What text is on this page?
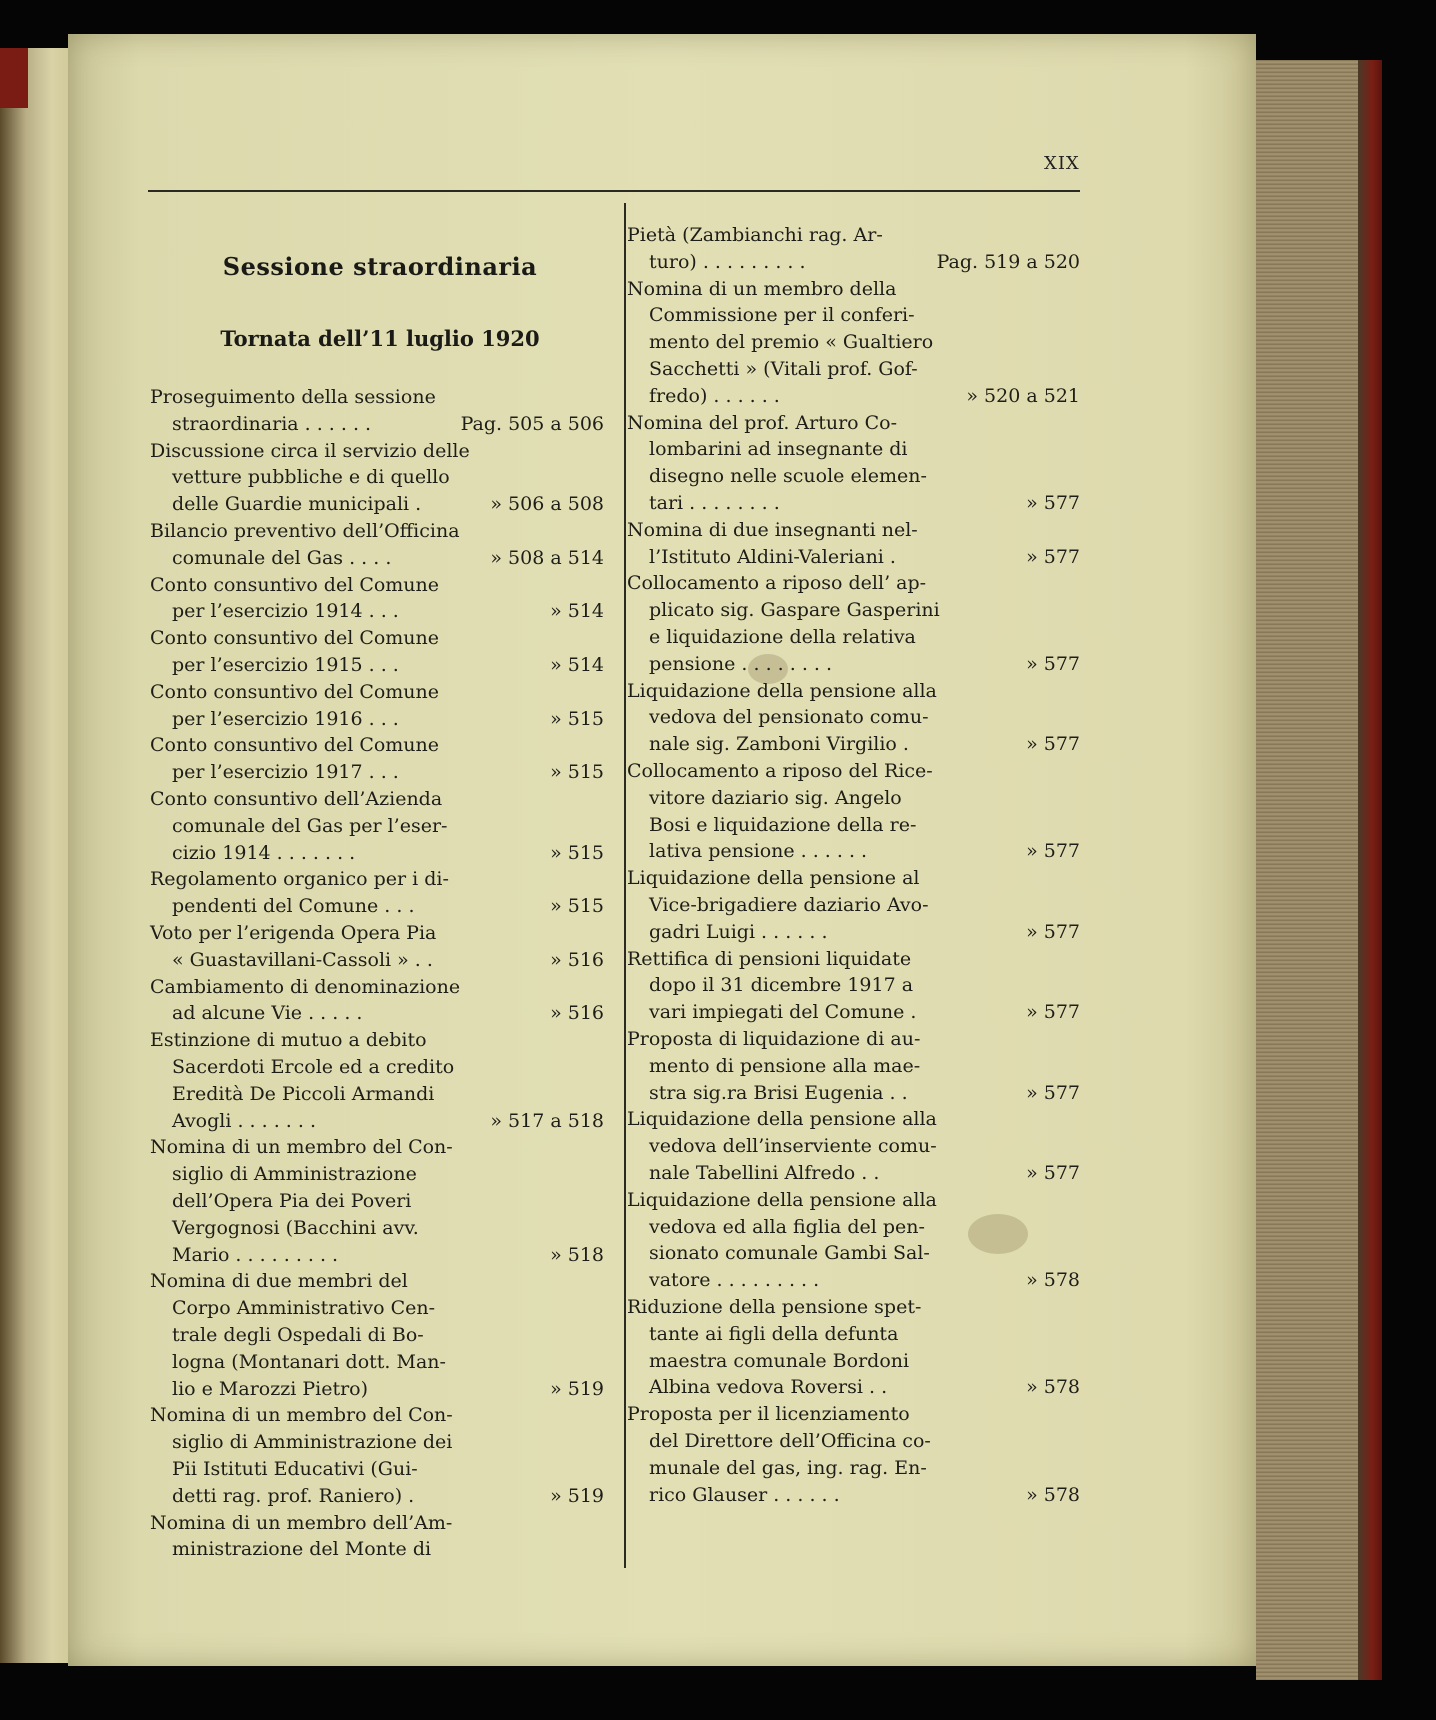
XIX
Sessione straordinaria
Tornata dell’11 luglio 1920
Proseguimento della sessione
straordinaria . . . . . .	Pag. 505 a 506
Discussione circa il servizio delle
vetture pubbliche e di quello
delle Guardie municipali .	» 506 a 508
Bilancio preventivo dell’Officina
comunale del Gas . . . .	» 508 a 514
Conto consuntivo del Comune
per l’esercizio 1914 . . .	» 514
Conto consuntivo del Comune
per l’esercizio 1915 . . .	» 514
Conto consuntivo del Comune
per l’esercizio 1916 . . .	» 515
Conto consuntivo del Comune
per l’esercizio 1917 . . .	» 515
Conto consuntivo dell’Azienda
comunale del Gas per l’eser-
cizio 1914 . . . . . . .	» 515
Regolamento organico per i di-
pendenti del Comune . . .	» 515
Voto per l’erigenda Opera Pia
« Guastavillani-Cassoli » . .	» 516
Cambiamento di denominazione
ad alcune Vie . . . . .	» 516
Estinzione di mutuo a debito
Sacerdoti Ercole ed a credito
Eredità De Piccoli Armandi
Avogli . . . . . . .	» 517 a 518
Nomina di un membro del Con-
siglio di Amministrazione
dell’Opera Pia dei Poveri
Vergognosi (Bacchini avv.
Mario . . . . . . . . .	» 518
Nomina di due membri del
Corpo Amministrativo Cen-
trale degli Ospedali di Bo-
logna (Montanari dott. Man-
lio e Marozzi Pietro)	» 519
Nomina di un membro del Con-
siglio di Amministrazione dei
Pii Istituti Educativi (Gui-
detti rag. prof. Raniero) .	» 519
Nomina di un membro dell’Am-
ministrazione del Monte di
Pietà (Zambianchi rag. Ar-
turo) . . . . . . . . .	Pag. 519 a 520
Nomina di un membro della
Commissione per il conferi-
mento del premio « Gualtiero
Sacchetti » (Vitali prof. Gof-
fredo) . . . . . .	» 520 a 521
Nomina del prof. Arturo Co-
lombarini ad insegnante di
disegno nelle scuole elemen-
tari . . . . . . . .	» 577
Nomina di due insegnanti nel-
l’Istituto Aldini-Valeriani .	» 577
Collocamento a riposo dell’ ap-
plicato sig. Gaspare Gasperini
e liquidazione della relativa
pensione . . . . . . . .	» 577
Liquidazione della pensione alla
vedova del pensionato comu-
nale sig. Zamboni Virgilio .	» 577
Collocamento a riposo del Rice-
vitore daziario sig. Angelo
Bosi e liquidazione della re-
lativa pensione . . . . . .	» 577
Liquidazione della pensione al
Vice-brigadiere daziario Avo-
gadri Luigi . . . . . .	» 577
Rettifica di pensioni liquidate
dopo il 31 dicembre 1917 a
vari impiegati del Comune .	» 577
Proposta di liquidazione di au-
mento di pensione alla mae-
stra sig.ra Brisi Eugenia . .	» 577
Liquidazione della pensione alla
vedova dell’inserviente comu-
nale Tabellini Alfredo . .	» 577
Liquidazione della pensione alla
vedova ed alla figlia del pen-
sionato comunale Gambi Sal-
vatore . . . . . . . . .	» 578
Riduzione della pensione spet-
tante ai figli della defunta
maestra comunale Bordoni
Albina vedova Roversi . .	» 578
Proposta per il licenziamento
del Direttore dell’Officina co-
munale del gas, ing. rag. En-
rico Glauser . . . . . .	» 578
